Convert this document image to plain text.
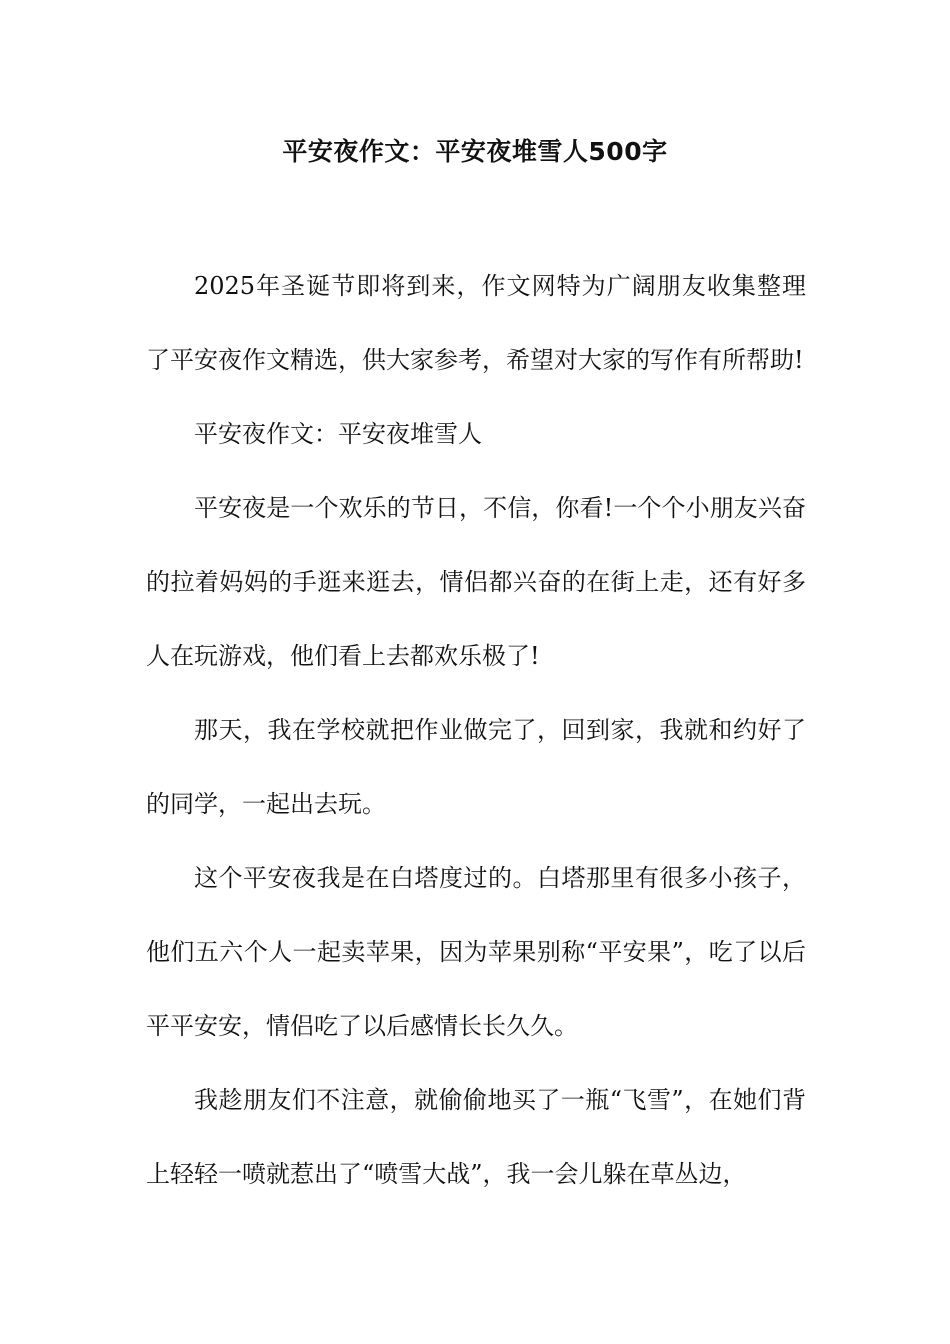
平安夜作文：平安夜堆雪人500字

2025年圣诞节即将到来，作文网特为广阔朋友收集整理了平安夜作文精选，供大家参考，希望对大家的写作有所帮助!

平安夜作文：平安夜堆雪人

平安夜是一个欢乐的节日，不信，你看!一个个小朋友兴奋的拉着妈妈的手逛来逛去，情侣都兴奋的在街上走，还有好多人在玩游戏，他们看上去都欢乐极了!

那天，我在学校就把作业做完了，回到家，我就和约好了的同学，一起出去玩。

这个平安夜我是在白塔度过的。白塔那里有很多小孩子，他们五六个人一起卖苹果，因为苹果别称“平安果”，吃了以后平平安安，情侣吃了以后感情长长久久。

我趁朋友们不注意，就偷偷地买了一瓶“飞雪”，在她们背上轻轻一喷就惹出了“喷雪大战”，我一会儿躲在草丛边，
